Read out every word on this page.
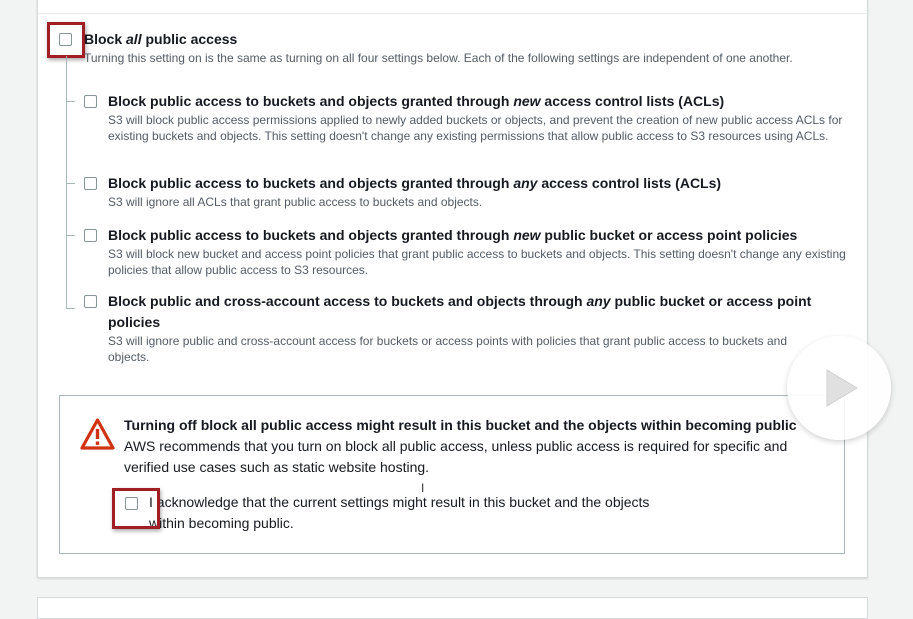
Block all public access
Turning this setting on is the same as turning on all four settings below. Each of the following settings are independent of one another.
Block public access to buckets and objects granted through new access control lists (ACLs)
S3 will block public access permissions applied to newly added buckets or objects, and prevent the creation of new public access ACLs for existing buckets and objects. This setting doesn't change any existing permissions that allow public access to S3 resources using ACLs.
Block public access to buckets and objects granted through any access control lists (ACLs)
S3 will ignore all ACLs that grant public access to buckets and objects.
Block public access to buckets and objects granted through new public bucket or access point policies
S3 will block new bucket and access point policies that grant public access to buckets and objects. This setting doesn't change any existing policies that allow public access to S3 resources.
Block public and cross-account access to buckets and objects through any public bucket or access point policies
S3 will ignore public and cross-account access for buckets or access points with policies that grant public access to buckets and objects.
Turning off block all public access might result in this bucket and the objects within becoming public
AWS recommends that you turn on block all public access, unless public access is required for specific and verified use cases such as static website hosting.
I acknowledge that the current settings might result in this bucket and the objects within becoming public.
I
